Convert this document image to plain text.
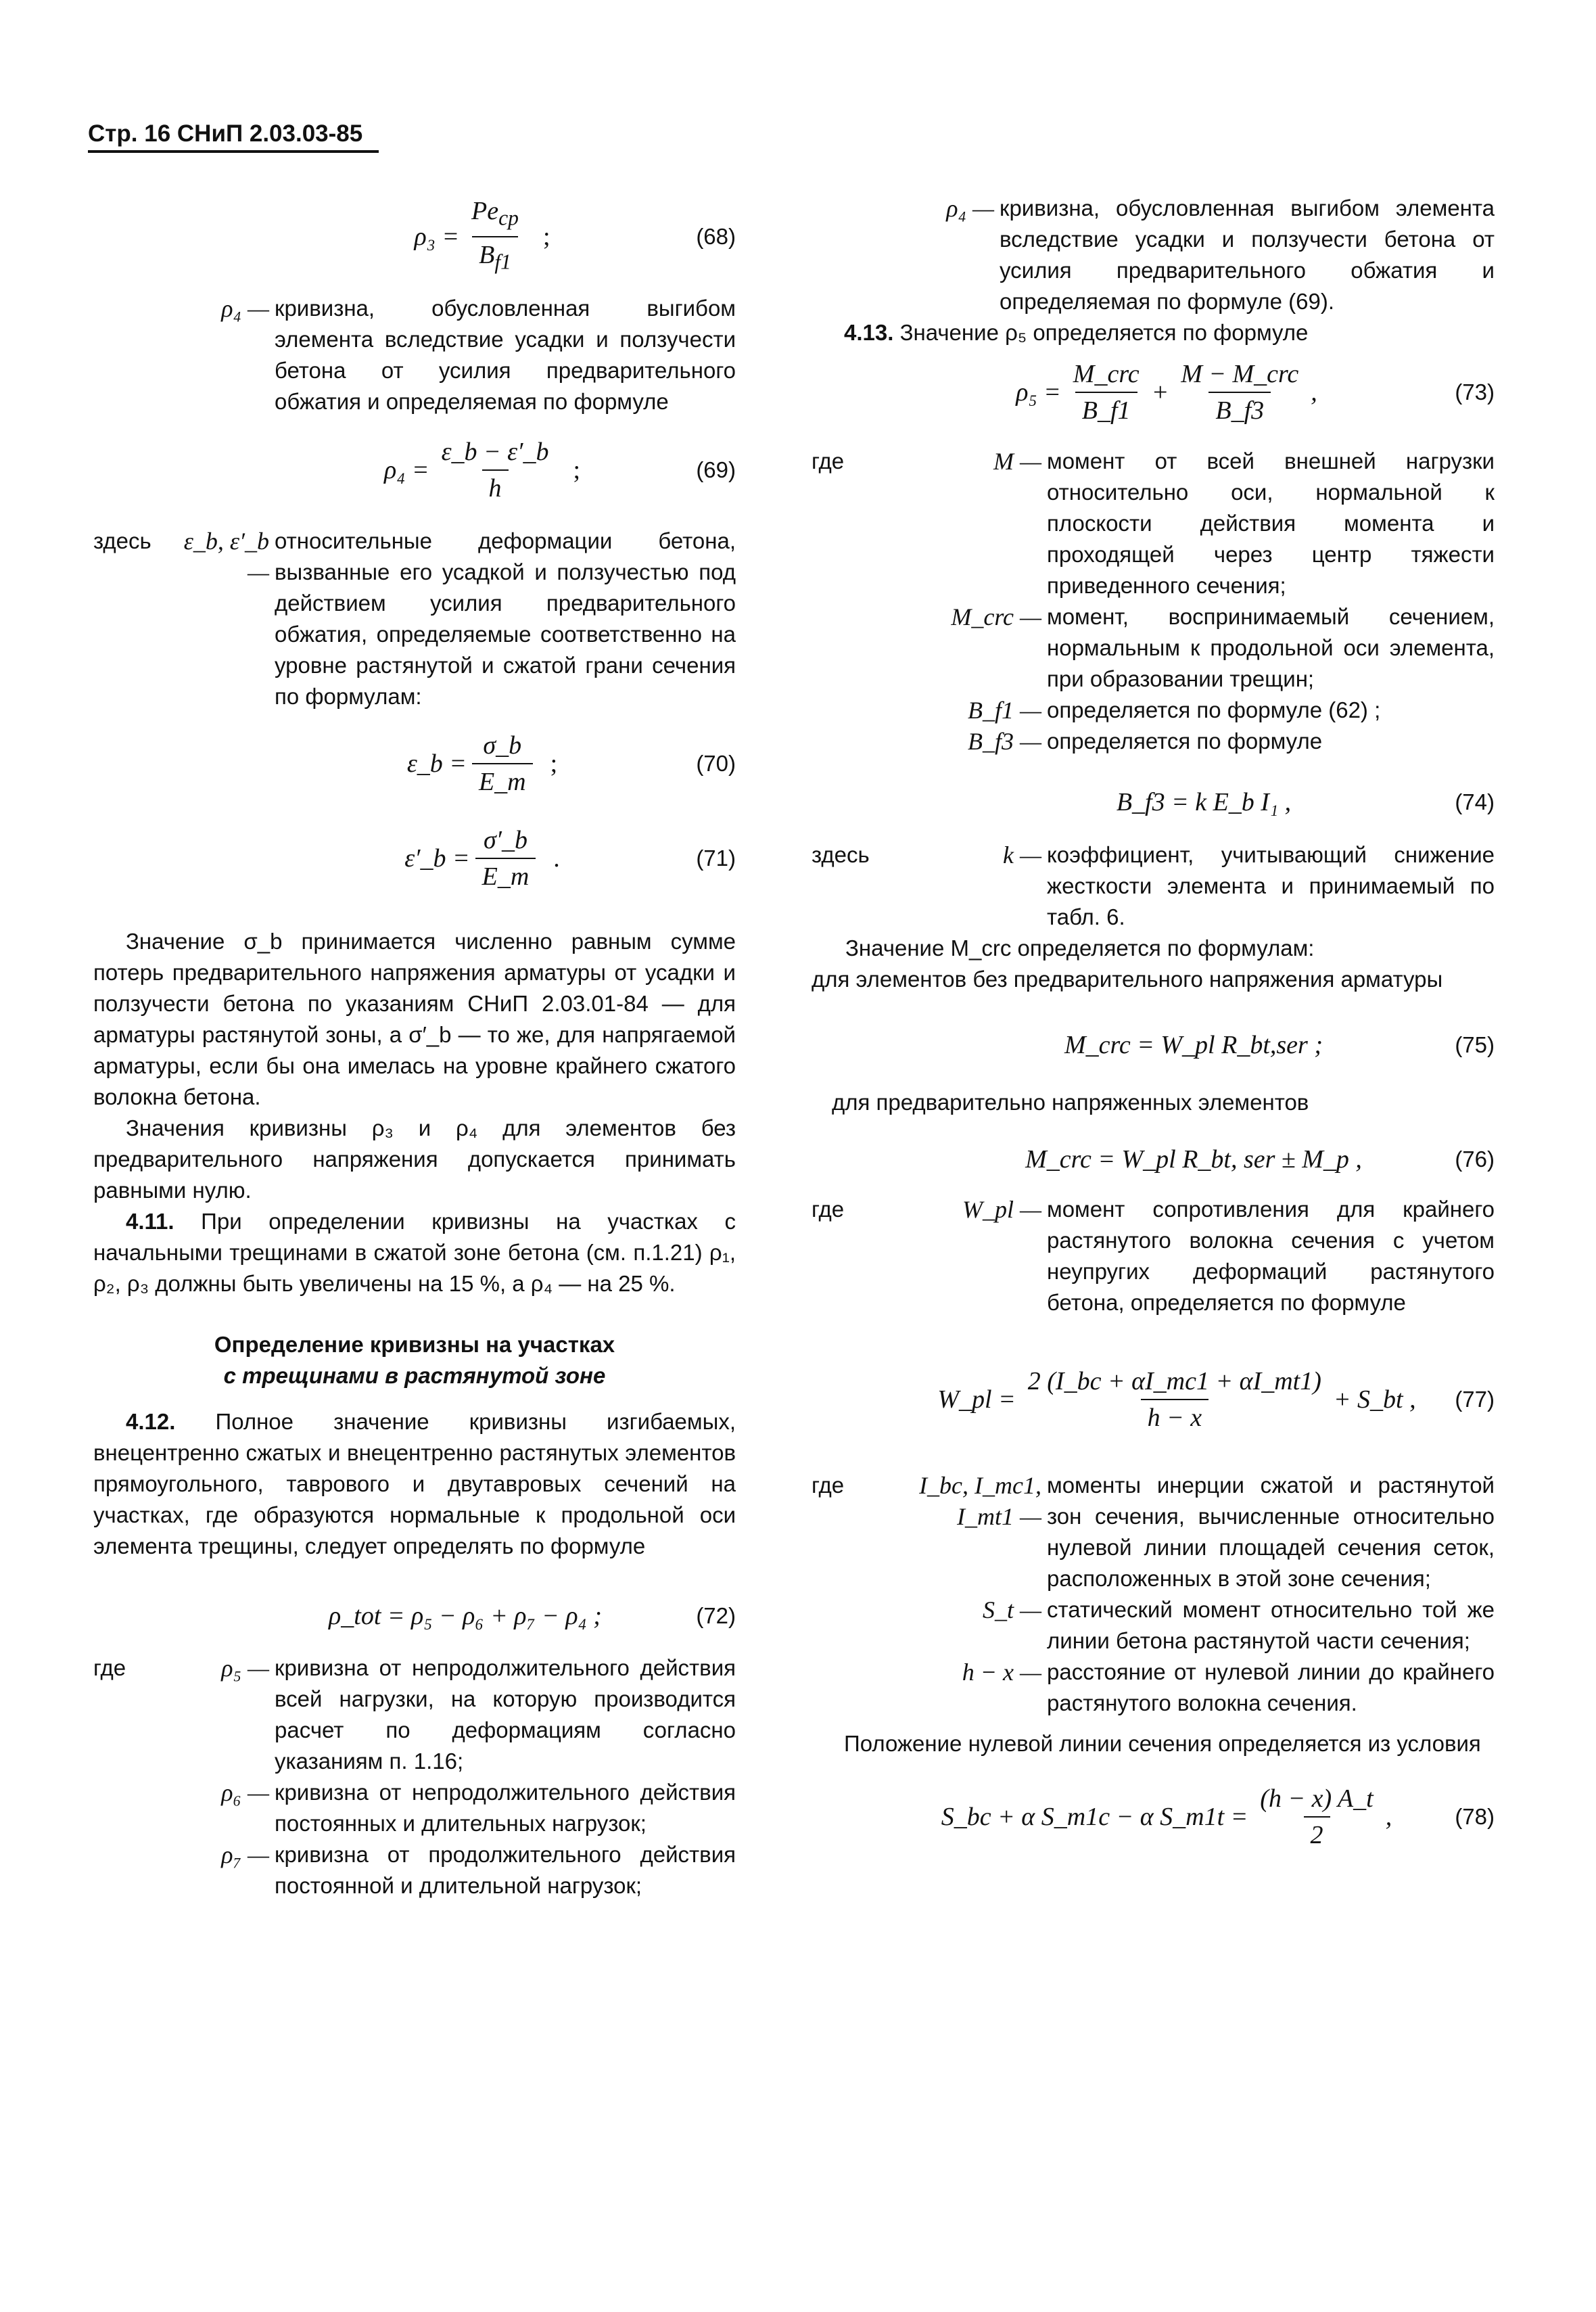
Стр. 16 СНиП 2.03.03-85
$\rho_3 = \frac{Pe_{cp}}{B_{f1}}$ ;	(68)
ρ₄ — кривизна, обусловленная выгибом элемента вследствие усадки и ползучести бетона от усилия предварительного обжатия и определяемая по формуле
$\rho_4 = \frac{\varepsilon\_b - \varepsilon'\_b}{h}$ ;	(69)
здесь	ε_b, ε′_b —
относительные деформации бетона, вызванные его усадкой и ползучестью под действием усилия предварительного обжатия, определяемые соответственно на уровне растянутой и сжатой грани сечения по формулам:
ε_b = $\frac{\sigma\_b}{E\_m}$ ;	(70)
ε′_b = $\frac{\sigma'\_b}{E\_m}$ .	(71)

Значение σ_b принимается численно равным сумме потерь предварительного напряжения арматуры от усадки и ползучести бетона по указаниям СНиП 2.03.01-84 — для арматуры растянутой зоны, а σ′_b — то же, для напрягаемой арматуры, если бы она имелась на уровне крайнего сжатого волокна бетона.

Значения кривизны ρ₃ и ρ₄ для элементов без предварительного напряжения допускается принимать равными нулю.

4.11. При определении кривизны на участках с начальными трещинами в сжатой зоне бетона (см. п.1.21) ρ₁, ρ₂, ρ₃ должны быть увеличены на 15 %, а ρ₄ — на 25 %.

Определение кривизны на участках
с трещинами в растянутой зоне

4.12. Полное значение кривизны изгибаемых, внецентренно сжатых и внецентренно растянутых элементов прямоугольного, таврового и двутавровых сечений на участках, где образуются нормальные к продольной оси элемента трещины, следует определять по формуле

ρ_tot = ρ₅ − ρ₆ + ρ₇ − ρ₄ ;	(72)
где	ρ₅ — кривизна от непродолжительного действия всей нагрузки, на которую производится расчет по деформациям согласно указаниям п. 1.16;
ρ₆ — кривизна от непродолжительного действия постоянных и длительных нагрузок;
ρ₇ — кривизна от продолжительного действия постоянной и длительной нагрузок;
ρ₄ — кривизна, обусловленная выгибом элемента вследствие усадки и ползучести бетона от усилия предварительного обжатия и определяемая по формуле (69).

4.13. Значение ρ₅ определяется по формуле

$\rho_5 = \frac{\text{M\_crc}}{B\_f1} + \frac{\text{M − M\_crc}}{B\_f3}$ ,	(73)
где	M — момент от всей внешней нагрузки относительно оси, нормальной к плоскости действия момента и проходящей через центр тяжести приведенного сечения;
M_crc — момент, воспринимаемый сечением, нормальным к продольной оси элемента, при образовании трещин;
B_f1 — определяется по формуле (62) ;
B_f3 — определяется по формуле
B_f3 = k E_b I₁ ,	(74)
здесь	k — коэффициент, учитывающий снижение жесткости элемента и принимаемый по табл. 6.

Значение M_crc определяется по формулам:

для элементов без предварительного напряжения арматуры

M_crc = W_pl R_bt,ser ;	(75)

для предварительно напряженных элементов

M_crc = W_pl R_bt, ser ± M_p ,	(76)
где	W_pl — момент сопротивления для крайнего растянутого волокна сечения с учетом неупругих деформаций растянутого бетона, определяется по формуле
W_pl = $\frac{2 (I\_bc + \alpha I\_mc1 + \alpha I\_mt1)}{h - x}$ + S_bt , (77)
где	I_bc, I_mc1, I_mt1 —
моменты инерции сжатой и растянутой зон сечения, вычисленные относительно нулевой линии площадей сечения сеток, расположенных в этой зоне сечения;
S_t — статический момент относительно той же линии бетона растянутой части сечения;
h − x — расстояние от нулевой линии до крайнего растянутого волокна сечения.

Положение нулевой линии сечения определяется из условия

S_bc + α S_m1c − α S_m1t = $\frac{(h - x) A\_t}{2}$ ,	(78)
